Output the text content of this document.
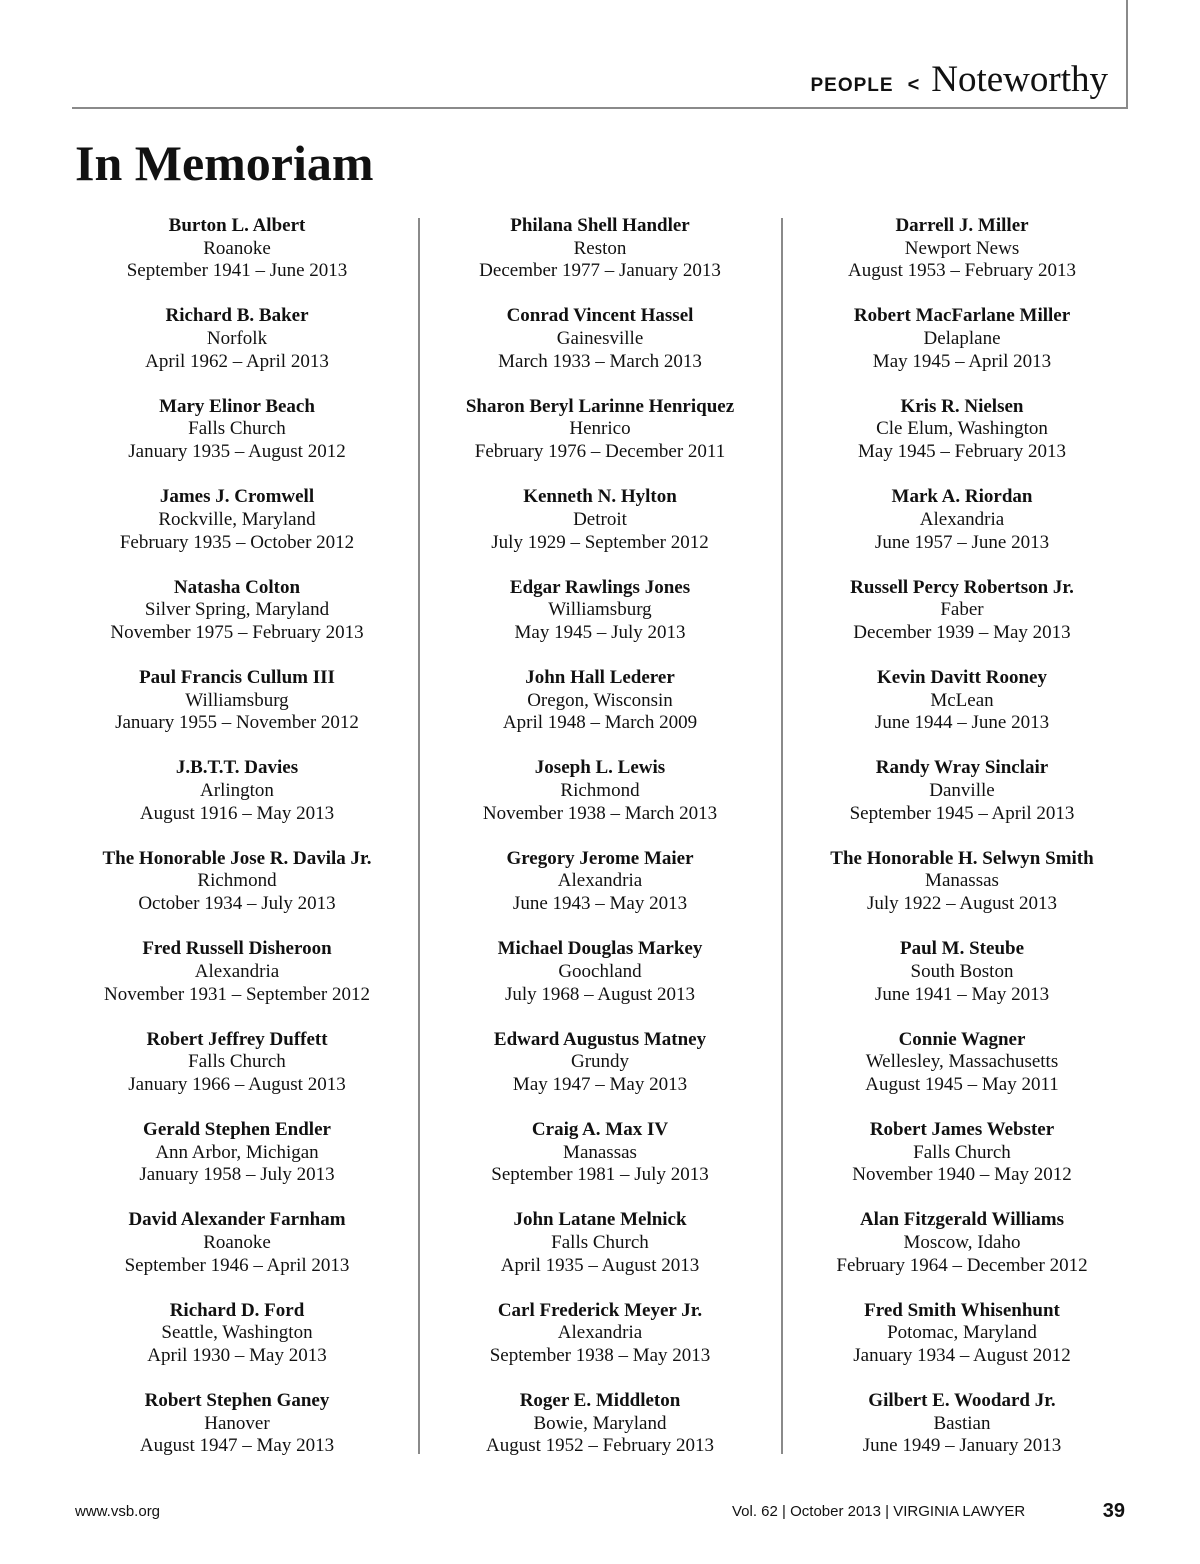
PEOPLE < Noteworthy
In Memoriam
Burton L. Albert
Roanoke
September 1941 – June 2013
Richard B. Baker
Norfolk
April 1962 – April 2013
Mary Elinor Beach
Falls Church
January 1935 – August 2012
James J. Cromwell
Rockville, Maryland
February 1935 – October 2012
Natasha Colton
Silver Spring, Maryland
November 1975 – February 2013
Paul Francis Cullum III
Williamsburg
January 1955 – November 2012
J.B.T.T. Davies
Arlington
August 1916 – May 2013
The Honorable Jose R. Davila Jr.
Richmond
October 1934 – July 2013
Fred Russell Disheroon
Alexandria
November 1931 – September 2012
Robert Jeffrey Duffett
Falls Church
January 1966 – August 2013
Gerald Stephen Endler
Ann Arbor, Michigan
January 1958 – July 2013
David Alexander Farnham
Roanoke
September 1946 – April 2013
Richard D. Ford
Seattle, Washington
April 1930 – May 2013
Robert Stephen Ganey
Hanover
August 1947 – May 2013
Philana Shell Handler
Reston
December 1977 – January 2013
Conrad Vincent Hassel
Gainesville
March 1933 – March 2013
Sharon Beryl Larinne Henriquez
Henrico
February 1976 – December 2011
Kenneth N. Hylton
Detroit
July 1929 – September 2012
Edgar Rawlings Jones
Williamsburg
May 1945 – July 2013
John Hall Lederer
Oregon, Wisconsin
April 1948 – March 2009
Joseph L. Lewis
Richmond
November 1938 – March 2013
Gregory Jerome Maier
Alexandria
June 1943 – May 2013
Michael Douglas Markey
Goochland
July 1968 – August 2013
Edward Augustus Matney
Grundy
May 1947 – May 2013
Craig A. Max IV
Manassas
September 1981 – July 2013
John Latane Melnick
Falls Church
April 1935 – August 2013
Carl Frederick Meyer Jr.
Alexandria
September 1938 – May 2013
Roger E. Middleton
Bowie, Maryland
August 1952 – February 2013
Darrell J. Miller
Newport News
August 1953 – February 2013
Robert MacFarlane Miller
Delaplane
May 1945 – April 2013
Kris R. Nielsen
Cle Elum, Washington
May 1945 – February 2013
Mark A. Riordan
Alexandria
June 1957 – June 2013
Russell Percy Robertson Jr.
Faber
December 1939 – May 2013
Kevin Davitt Rooney
McLean
June 1944 – June 2013
Randy Wray Sinclair
Danville
September 1945 – April 2013
The Honorable H. Selwyn Smith
Manassas
July 1922 – August 2013
Paul M. Steube
South Boston
June 1941 – May 2013
Connie Wagner
Wellesley, Massachusetts
August 1945 – May 2011
Robert James Webster
Falls Church
November 1940 – May 2012
Alan Fitzgerald Williams
Moscow, Idaho
February 1964 – December 2012
Fred Smith Whisenhunt
Potomac, Maryland
January 1934 – August 2012
Gilbert E. Woodard Jr.
Bastian
June 1949 – January 2013
www.vsb.org	Vol. 62 | October 2013 | VIRGINIA LAWYER	39
